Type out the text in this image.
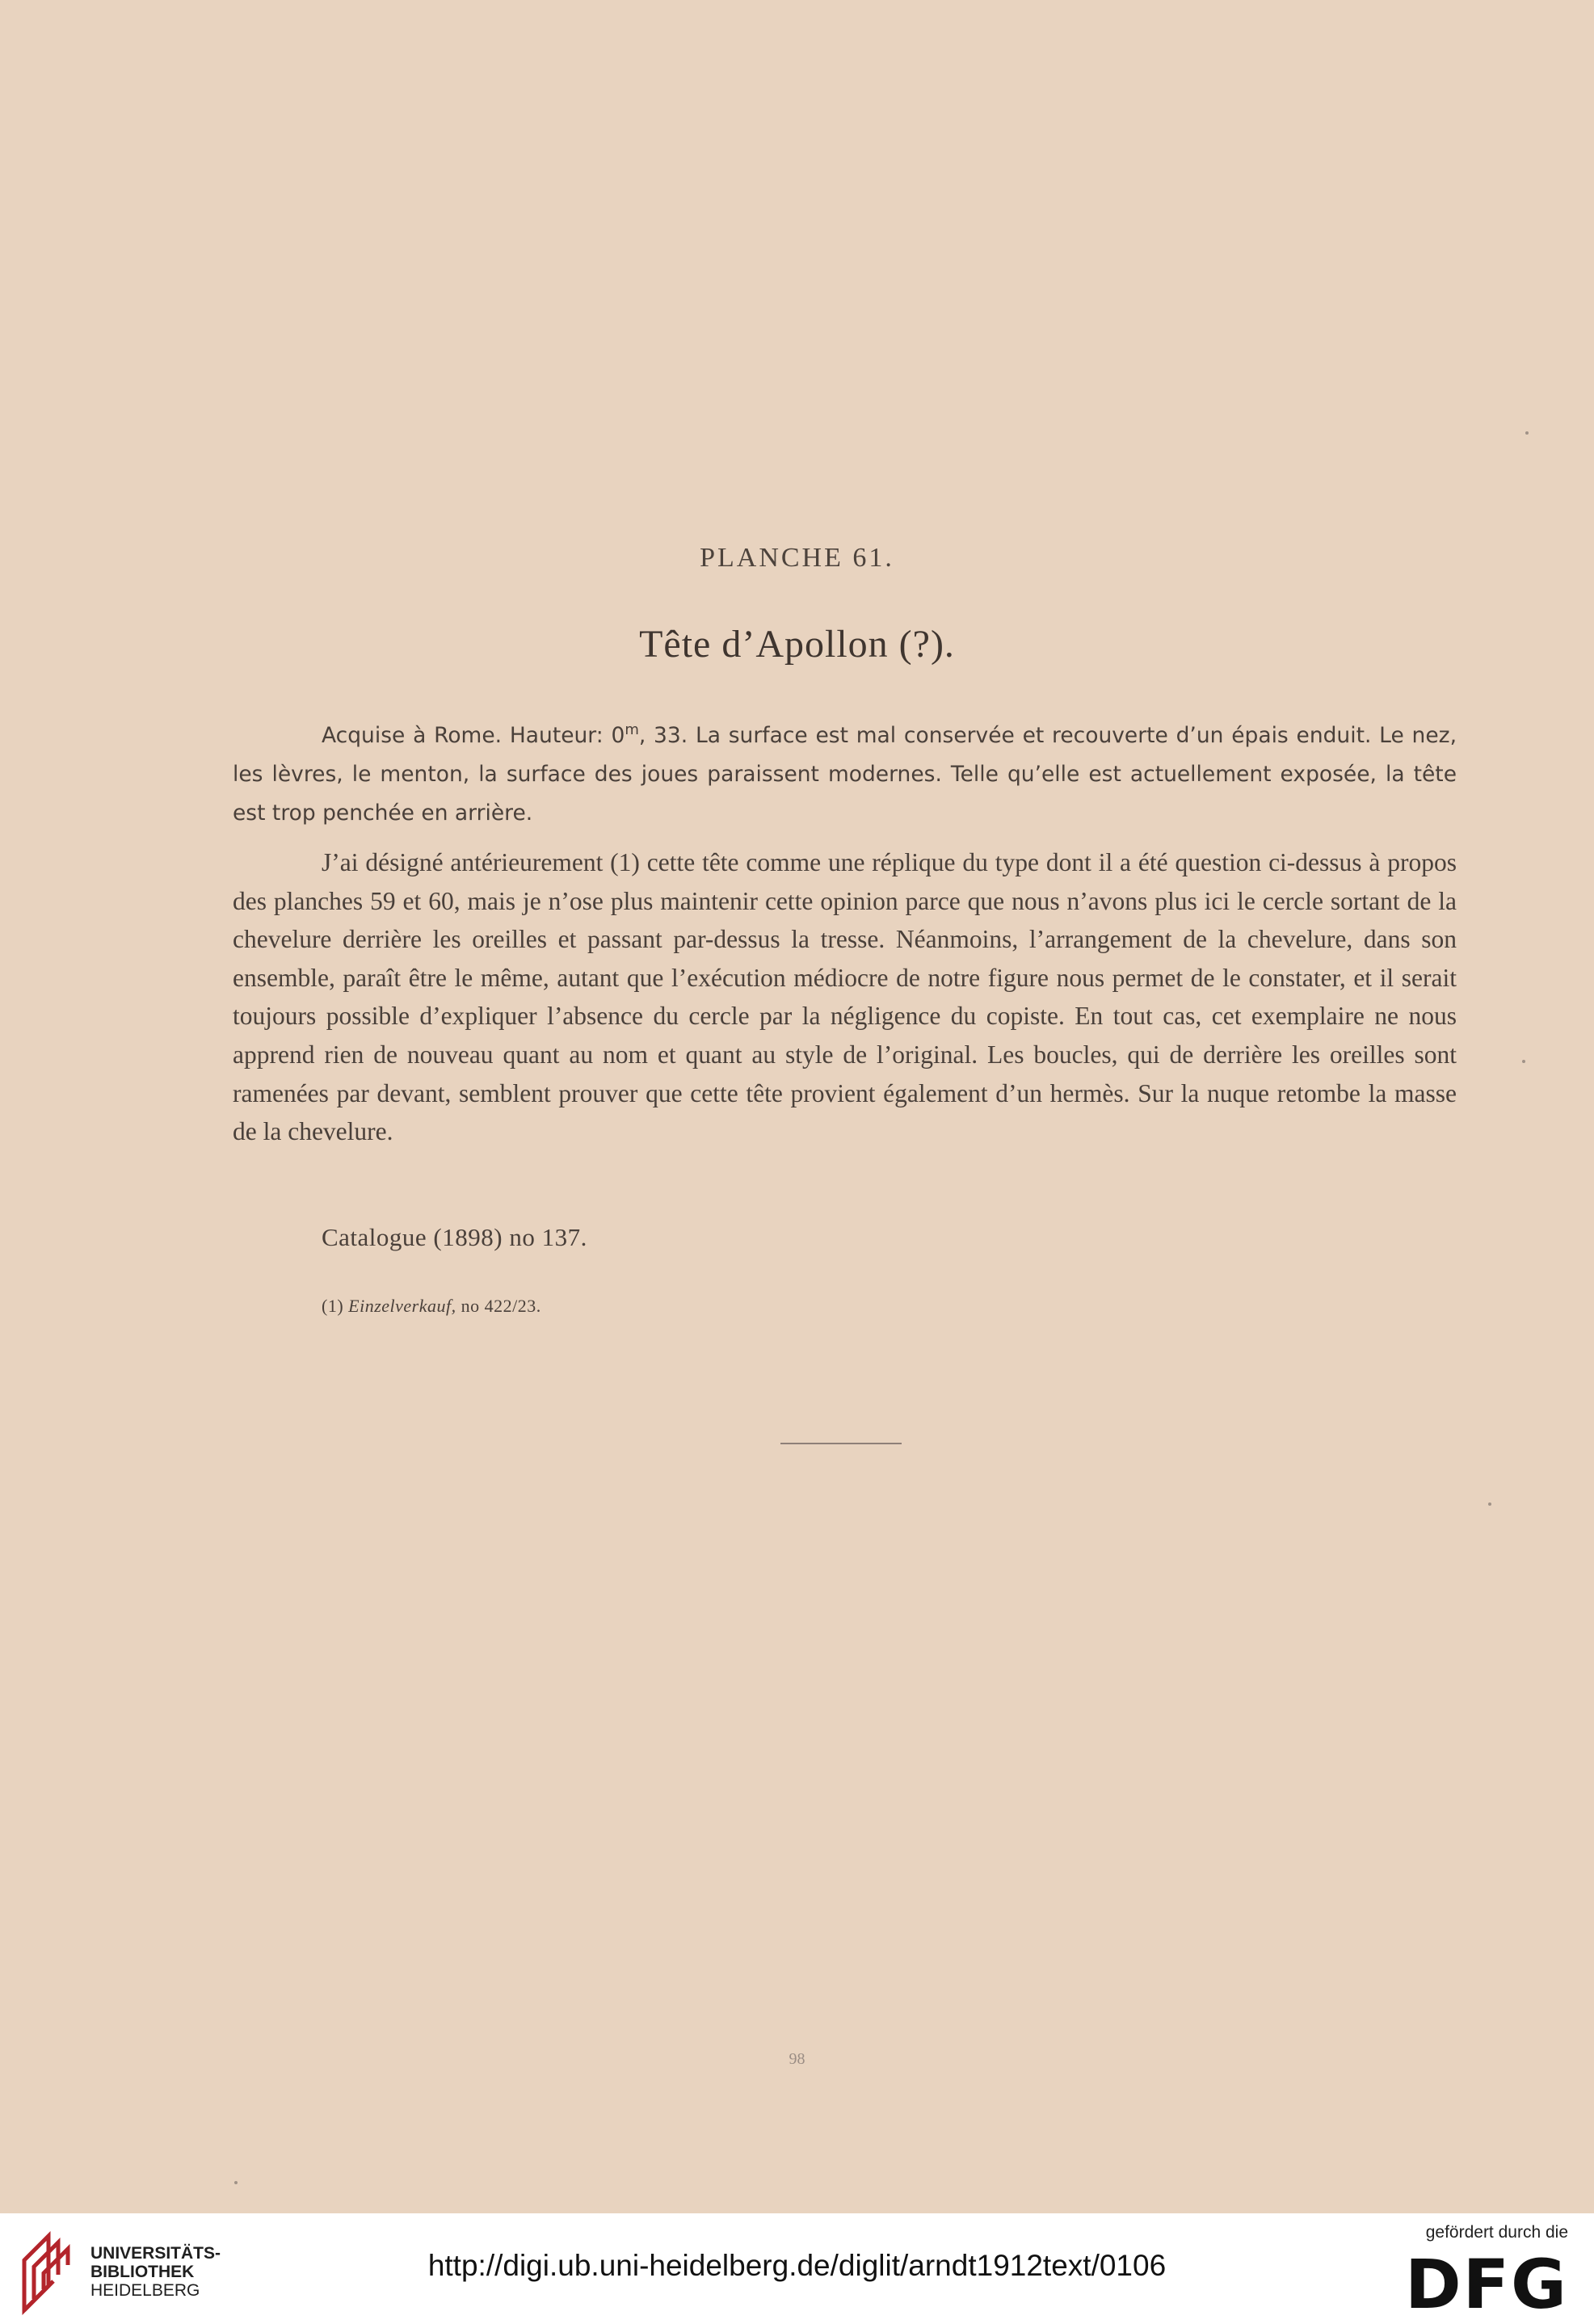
PLANCHE 61.
Tête d’Apollon (?).

Acquise à Rome. Hauteur: 0$^m$, 33. La surface est mal conservée et recouverte d’un épais enduit. Le nez, les lèvres, le menton, la surface des joues paraissent modernes. Telle qu’elle est actuellement exposée, la tête est trop penchée en arrière.

J’ai désigné antérieurement (1) cette tête comme une réplique du type dont il a été question ci-dessus à propos des planches 59 et 60, mais je n’ose plus maintenir cette opinion parce que nous n’avons plus ici le cercle sortant de la chevelure derrière les oreilles et passant par-dessus la tresse. Néanmoins, l’arrangement de la chevelure, dans son ensemble, paraît être le même, autant que l’exécution médiocre de notre figure nous permet de le constater, et il serait toujours possible d’expliquer l’absence du cercle par la négligence du copiste. En tout cas, cet exemplaire ne nous apprend rien de nouveau quant au nom et quant au style de l’original. Les boucles, qui de derrière les oreilles sont ramenées par devant, semblent prouver que cette tête provient également d’un hermès. Sur la nuque retombe la masse de la chevelure.

Catalogue (1898) no 137.

(1) Einzelverkauf, no 422/23.

98
UNIVERSITÄTS-
BIBLIOTHEK
HEIDELBERG
http://digi.ub.uni-heidelberg.de/diglit/arndt1912text/0106
gefördert durch die
DFG
